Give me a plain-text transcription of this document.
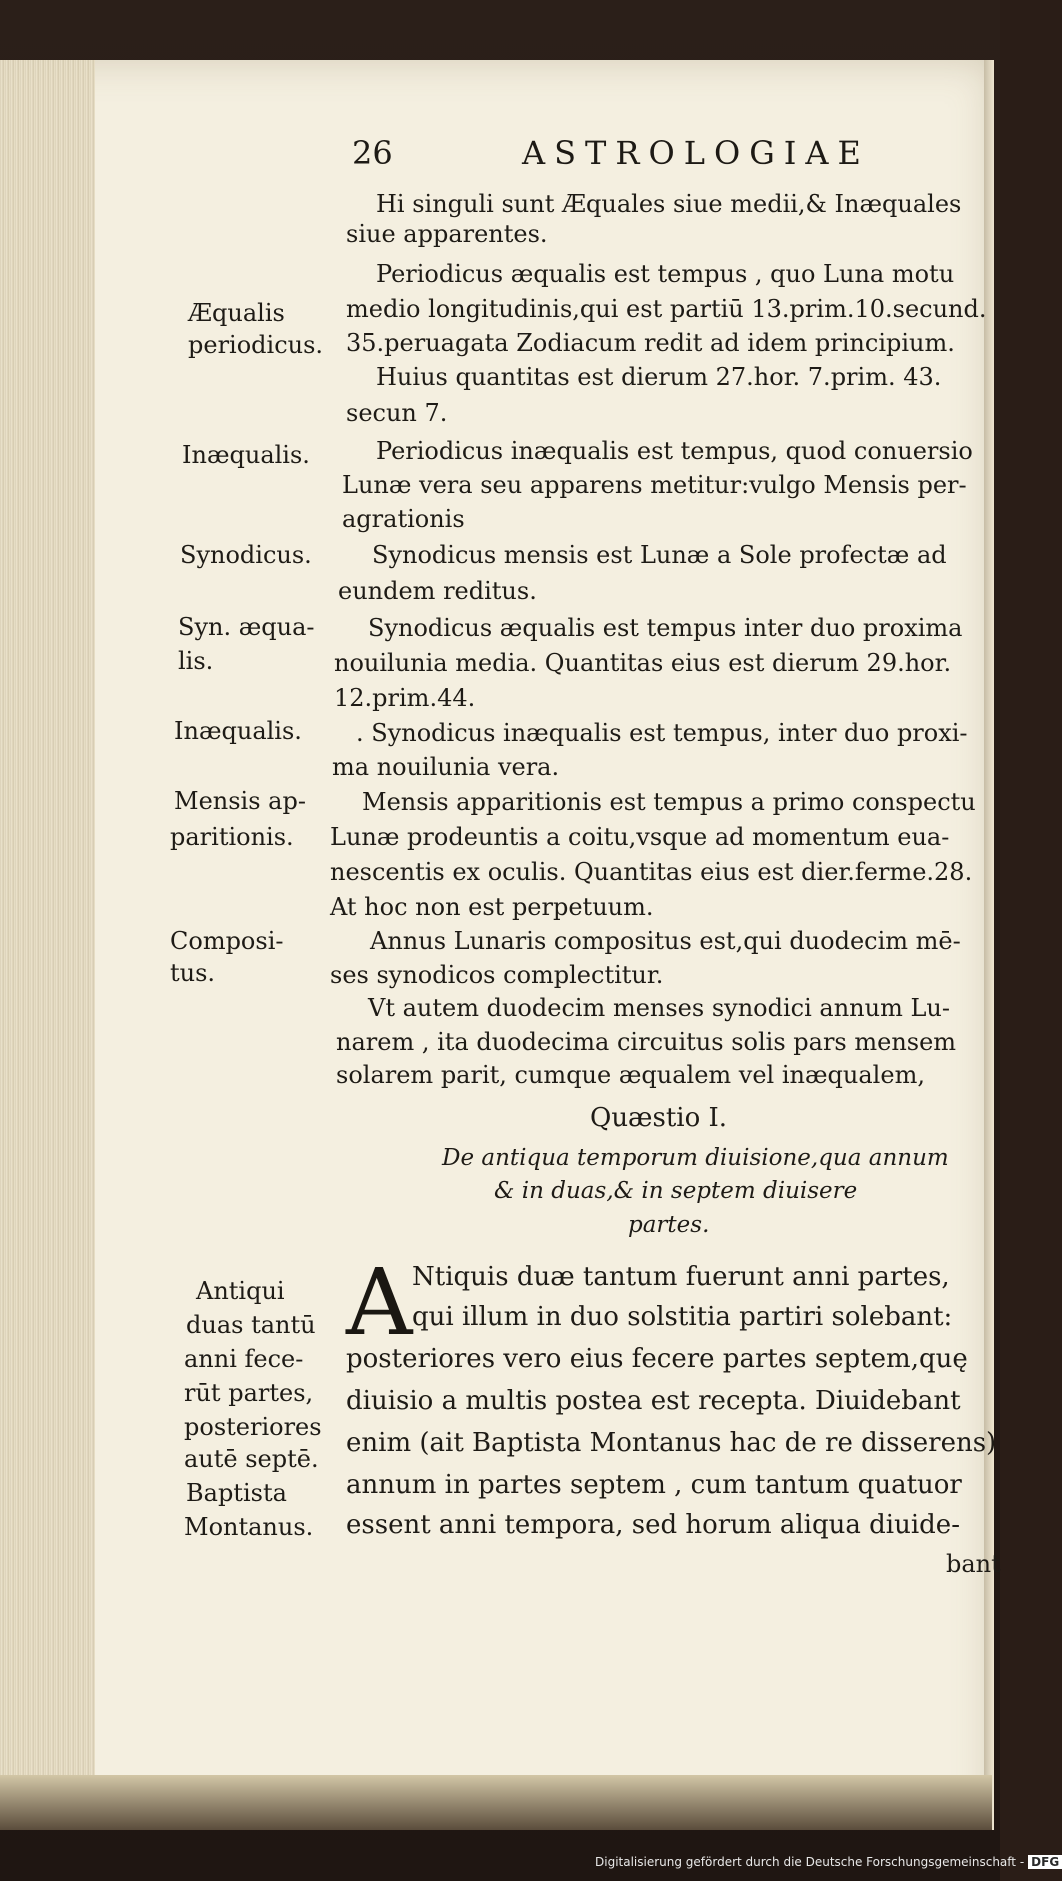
26	ASTROLOGIAE
Hi singuli sunt Æquales siue medii,& Inæquales
siue apparentes.
Periodicus æqualis est tempus , quo Luna motu
medio longitudinis,qui est partiū 13.prim.10.secund.
35.peruagata Zodiacum redit ad idem principium.
Huius quantitas est dierum 27.hor. 7.prim. 43.
secun 7.
Periodicus inæqualis est tempus, quod conuersio
Lunæ vera seu apparens metitur:vulgo Mensis per-
agrationis
Synodicus mensis est Lunæ a Sole profectæ ad
eundem reditus.
Synodicus æqualis est tempus inter duo proxima
nouilunia media. Quantitas eius est dierum 29.hor.
12.prim.44.
. Synodicus inæqualis est tempus, inter duo proxi-
ma nouilunia vera.
Mensis apparitionis est tempus a primo conspectu
Lunæ prodeuntis a coitu,vsque ad momentum eua-
nescentis ex oculis. Quantitas eius est dier.ferme.28.
At hoc non est perpetuum.
Annus Lunaris compositus est,qui duodecim mē-
ses synodicos complectitur.
Vt autem duodecim menses synodici annum Lu-
narem , ita duodecima circuitus solis pars mensem
solarem parit, cumque æqualem vel inæqualem,
Quæstio I.
De antiqua temporum diuisione,qua annum
& in duas,& in septem diuisere
partes.
A Ntiquis duæ tantum fuerunt anni partes,
qui illum in duo solstitia partiri solebant:
posteriores vero eius fecere partes septem,quę
diuisio a multis postea est recepta. Diuidebant
enim (ait Baptista Montanus hac de re disserens)
annum in partes septem , cum tantum quatuor
essent anni tempora, sed horum aliqua diuide-
bant
Æqualis
periodicus.
Inæqualis.
Synodicus.
Syn. æqua-
lis.
Inæqualis.
Mensis ap-
paritionis.
Composi-
tus.
Antiqui
duas tantū
anni fece-
rūt partes,
posteriores
autē septē.
Baptista
Montanus.
Digitalisierung gefördert durch die Deutsche Forschungsgemeinschaft - DFG
